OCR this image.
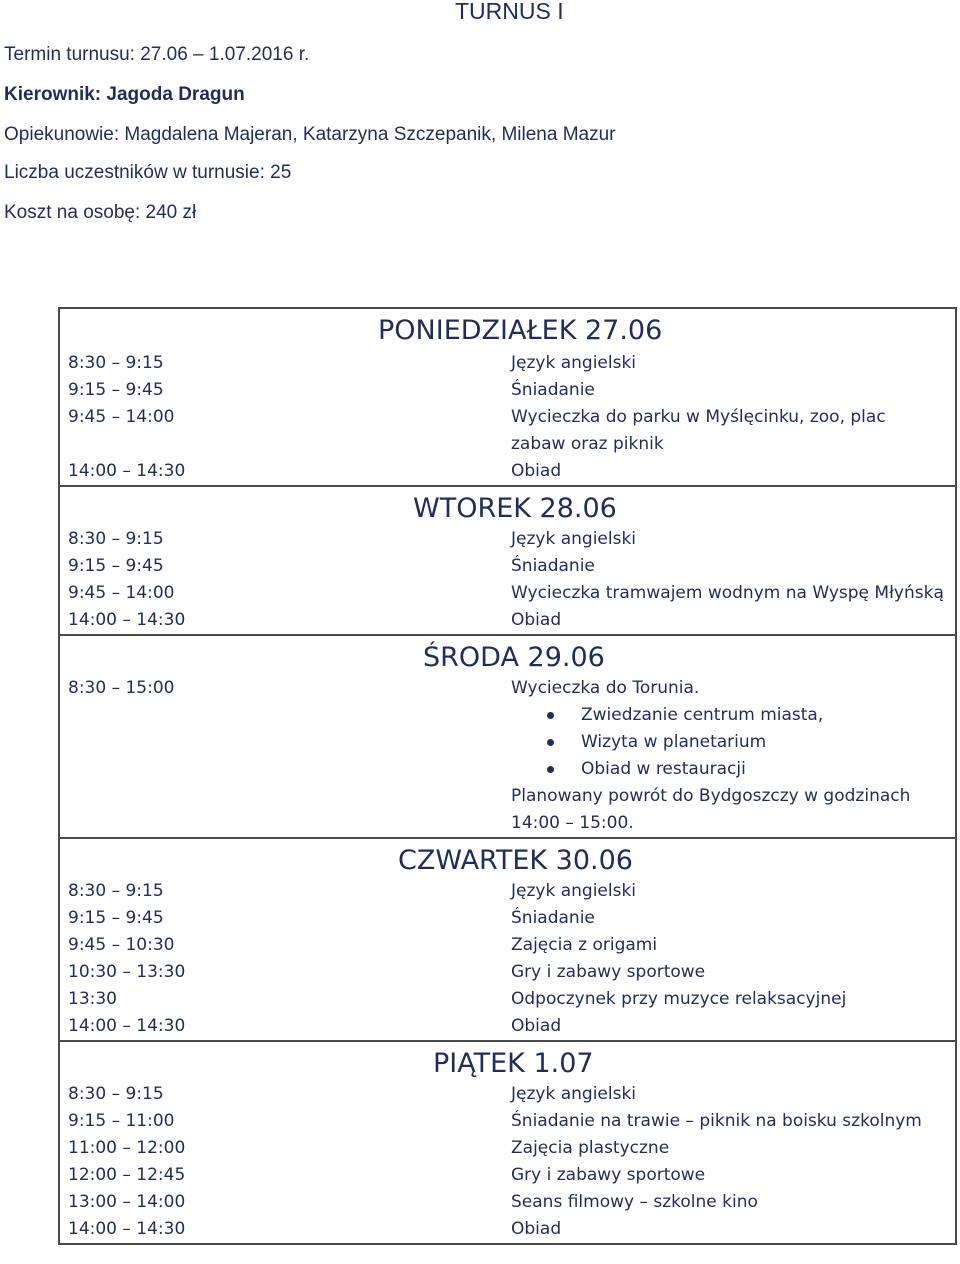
TURNUS I
Termin turnusu: 27.06 – 1.07.2016 r.
Kierownik: Jagoda Dragun
Opiekunowie: Magdalena Majeran, Katarzyna Szczepanik, Milena Mazur
Liczba uczestników w turnusie: 25
Koszt na osobę: 240 zł
PONIEDZIAŁEK 27.06
8:30 – 9:15	Język angielski
9:15 – 9:45	Śniadanie
9:45 – 14:00	Wycieczka do parku w Myślęcinku, zoo, plac zabaw oraz piknik
14:00 – 14:30	Obiad
WTOREK 28.06
8:30 – 9:15	Język angielski
9:15 – 9:45	Śniadanie
9:45 – 14:00	Wycieczka tramwajem wodnym na Wyspę Młyńską
14:00 – 14:30	Obiad
ŚRODA 29.06
8:30 – 15:00	Wycieczka do Torunia.
Zwiedzanie centrum miasta,
Wizyta w planetarium
Obiad w restauracji
Planowany powrót do Bydgoszczy w godzinach 14:00 – 15:00.
CZWARTEK 30.06
8:30 – 9:15	Język angielski
9:15 – 9:45	Śniadanie
9:45 – 10:30	Zajęcia z origami
10:30 – 13:30	Gry i zabawy sportowe
13:30	Odpoczynek przy muzyce relaksacyjnej
14:00 – 14:30	Obiad
PIĄTEK 1.07
8:30 – 9:15	Język angielski
9:15 – 11:00	Śniadanie na trawie – piknik na boisku szkolnym
11:00 – 12:00	Zajęcia plastyczne
12:00 – 12:45	Gry i zabawy sportowe
13:00 – 14:00	Seans filmowy – szkolne kino
14:00 – 14:30	Obiad
